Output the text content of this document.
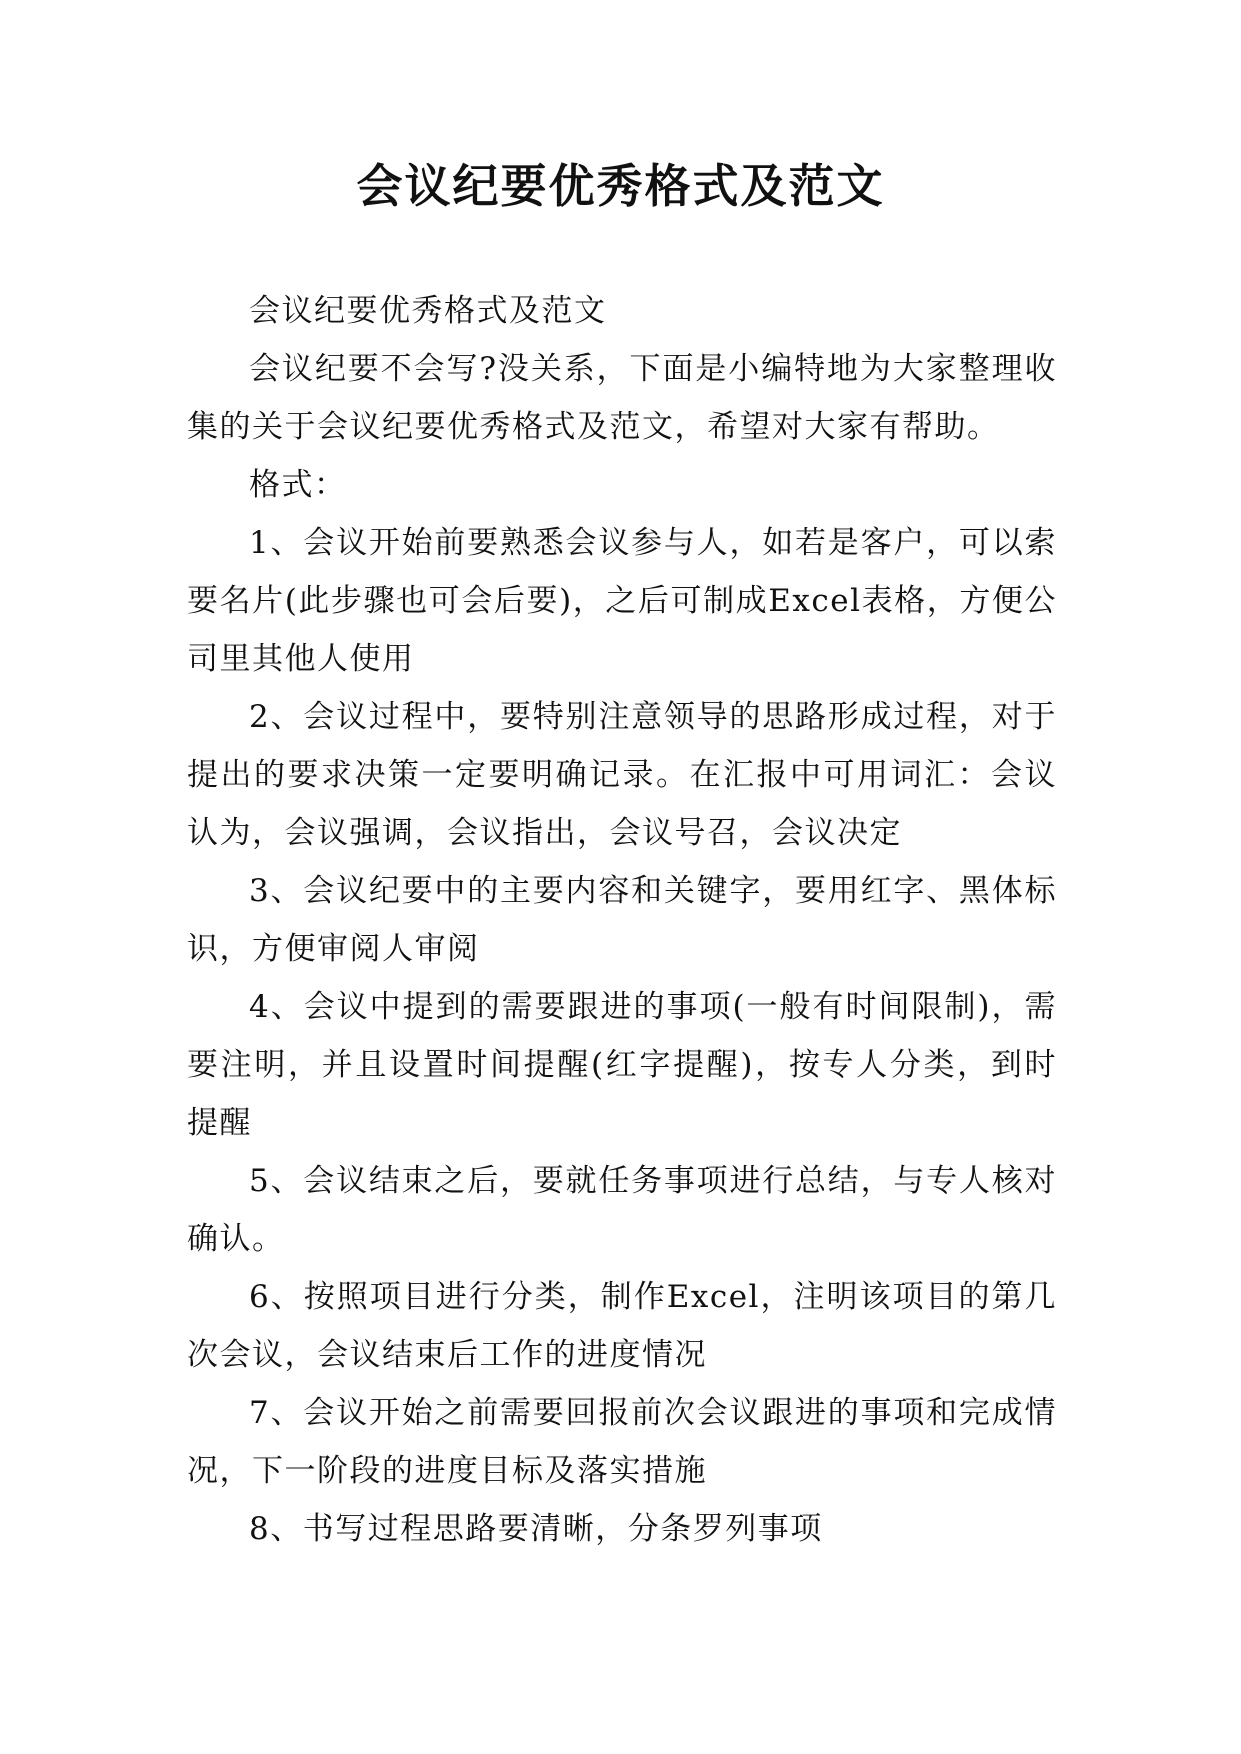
会议纪要优秀格式及范文

会议纪要优秀格式及范文

会议纪要不会写?没关系，下面是小编特地为大家整理收集的关于会议纪要优秀格式及范文，希望对大家有帮助。

格式：

1、会议开始前要熟悉会议参与人，如若是客户，可以索要名片(此步骤也可会后要)，之后可制成Excel表格，方便公司里其他人使用

2、会议过程中，要特别注意领导的思路形成过程，对于提出的要求决策一定要明确记录。在汇报中可用词汇：会议认为，会议强调，会议指出，会议号召，会议决定

3、会议纪要中的主要内容和关键字，要用红字、黑体标识，方便审阅人审阅

4、会议中提到的需要跟进的事项(一般有时间限制)，需要注明，并且设置时间提醒(红字提醒)，按专人分类，到时提醒

5、会议结束之后，要就任务事项进行总结，与专人核对确认。

6、按照项目进行分类，制作Excel，注明该项目的第几次会议，会议结束后工作的进度情况

7、会议开始之前需要回报前次会议跟进的事项和完成情况，下一阶段的进度目标及落实措施

8、书写过程思路要清晰，分条罗列事项
